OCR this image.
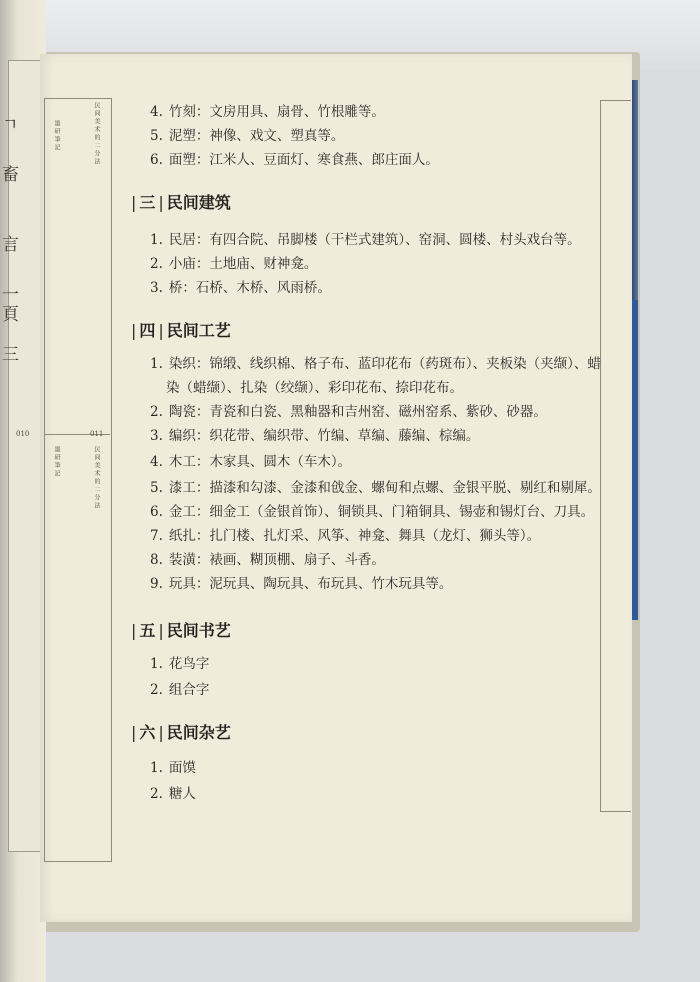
ㄱ
畜
言
一
頁
三
墨研筆記
民间美术的二分法
010	011
墨研筆記
民间美术的二分法
4. 竹刻：文房用具、扇骨、竹根雕等。
5. 泥塑：神像、戏文、塑真等。
6. 面塑：江米人、豆面灯、寒食燕、郎庄面人。
| 三 | 民间建筑
1. 民居：有四合院、吊脚楼（干栏式建筑）、窑洞、圆楼、村头戏台等。
2. 小庙：土地庙、财神龛。
3. 桥：石桥、木桥、风雨桥。
| 四 | 民间工艺
1. 染织：锦缎、线织棉、格子布、蓝印花布（药斑布）、夹板染（夹缬）、蜡
染（蜡缬）、扎染（绞缬）、彩印花布、捺印花布。
2. 陶瓷：青瓷和白瓷、黑釉器和吉州窑、磁州窑系、紫砂、砂器。
3. 编织：织花带、编织带、竹编、草编、藤编、棕编。
4. 木工：木家具、圆木（车木）。
5. 漆工：描漆和勾漆、金漆和戗金、螺甸和点螺、金银平脱、剔红和剔犀。
6. 金工：细金工（金银首饰）、铜锁具、门箱铜具、锡壶和锡灯台、刀具。
7. 纸扎：扎门楼、扎灯采、风筝、神龛、舞具（龙灯、狮头等）。
8. 装潢：裱画、糊顶棚、扇子、斗香。
9. 玩具：泥玩具、陶玩具、布玩具、竹木玩具等。
| 五 | 民间书艺
1. 花鸟字
2. 组合字
| 六 | 民间杂艺
1. 面馍
2. 糖人
